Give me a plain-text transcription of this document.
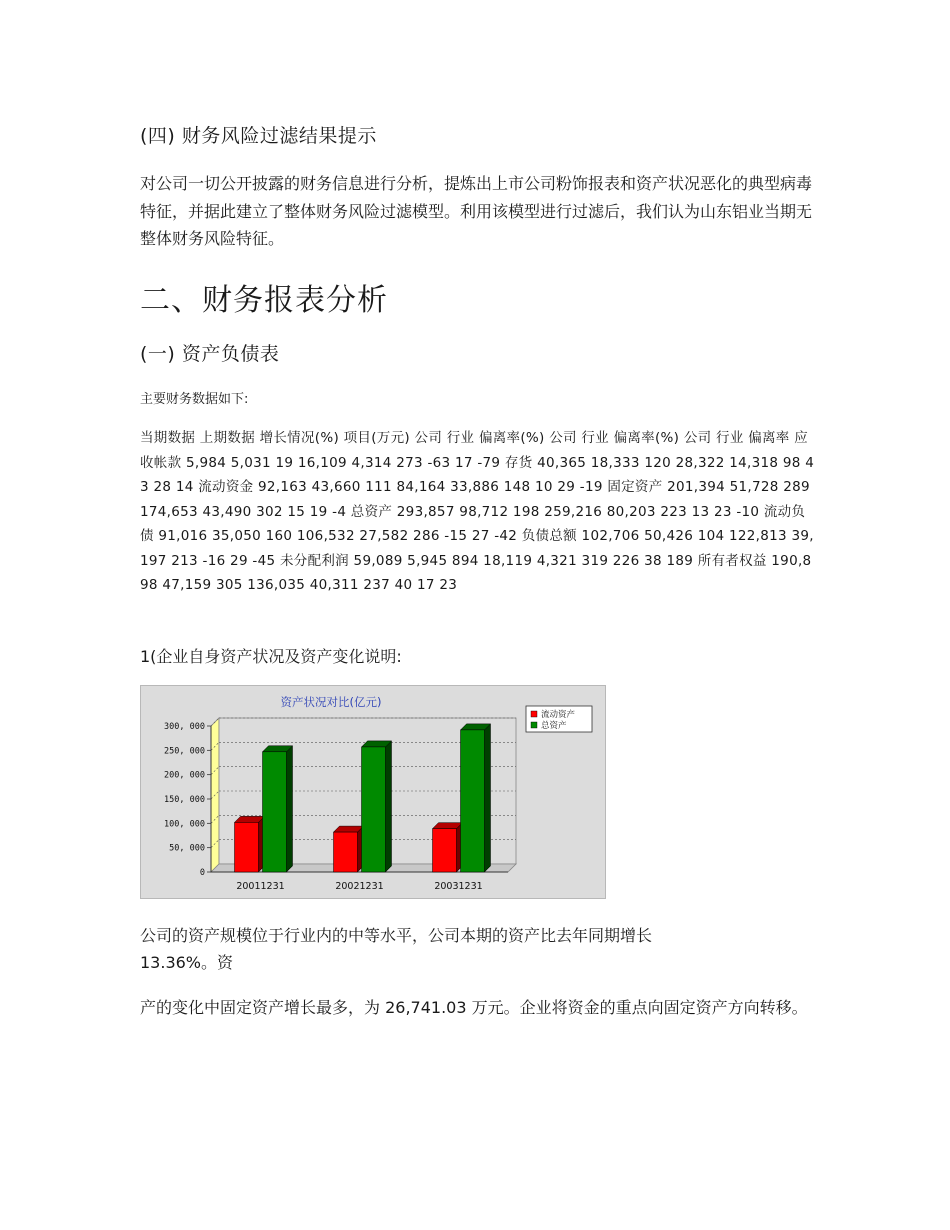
(四) 财务风险过滤结果提示
对公司一切公开披露的财务信息进行分析，提炼出上市公司粉饰报表和资产状况恶化的典型病毒特征，并据此建立了整体财务风险过滤模型。利用该模型进行过滤后，我们认为山东铝业当期无整体财务风险特征。
二、财务报表分析
(一) 资产负债表
主要财务数据如下:
当期数据 上期数据 增长情况(%) 项目(万元) 公司 行业 偏离率(%) 公司 行业 偏离率(%) 公司 行业 偏离率 应收帐款 5,984 5,031 19 16,109 4,314 273 -63 17 -79 存货 40,365 18,333 120 28,322 14,318 98 43 28 14 流动资金 92,163 43,660 111 84,164 33,886 148 10 29 -19 固定资产 201,394 51,728 289 174,653 43,490 302 15 19 -4 总资产 293,857 98,712 198 259,216 80,203 223 13 23 -10 流动负债 91,016 35,050 160 106,532 27,582 286 -15 27 -42 负债总额 102,706 50,426 104 122,813 39,197 213 -16 29 -45 未分配利润 59,089 5,945 894 18,119 4,321 319 226 38 189 所有者权益 190,898 47,159 305 136,035 40,311 237 40 17 23
1(企业自身资产状况及资产变化说明:
0
50, 000
100, 000
150, 000
200, 000
250, 000
300, 000
20011231	20021231	20031231
资产状况对比(亿元)
流动资产
总资产
公司的资产规模位于行业内的中等水平，公司本期的资产比去年同期增长
13.36%。资
产的变化中固定资产增长最多，为 26,741.03 万元。企业将资金的重点向固定资产方向转移。
